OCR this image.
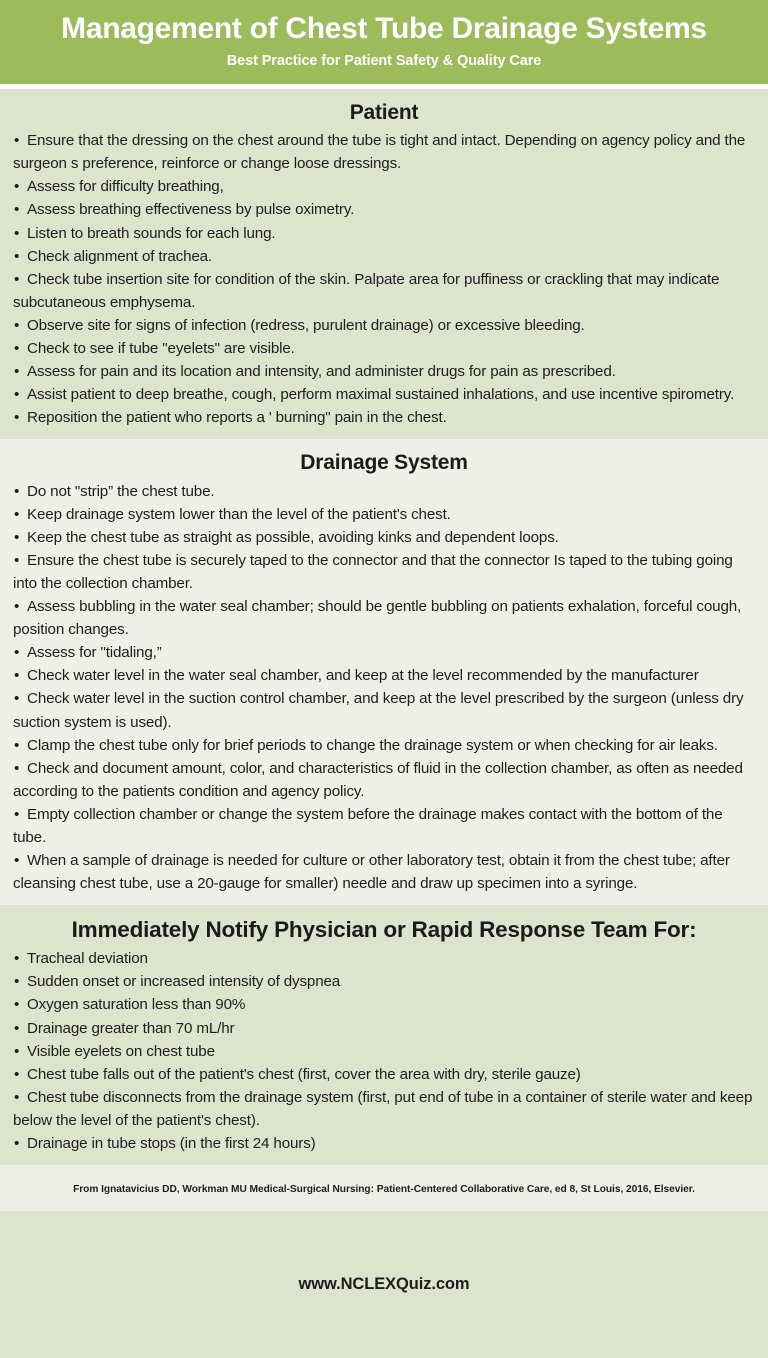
Management of Chest Tube Drainage Systems
Best Practice for Patient Safety & Quality Care
Patient
• Ensure that the dressing on the chest around the tube is tight and intact. Depending on agency policy and the surgeon s preference, reinforce or change loose dressings.
• Assess for difficulty breathing,
• Assess breathing effectiveness by pulse oximetry.
• Listen to breath sounds for each lung.
• Check alignment of trachea.
• Check tube insertion site for condition of the skin. Palpate area for puffiness or crackling that may indicate subcutaneous emphysema.
• Observe site for signs of infection (redress, purulent drainage) or excessive bleeding.
• Check to see if tube "eyelets" are visible.
• Assess for pain and its location and intensity, and administer drugs for pain as prescribed.
• Assist patient to deep breathe, cough, perform maximal sustained inhalations, and use incentive spirometry.
• Reposition the patient who reports a ' burning" pain in the chest.
Drainage System
• Do not "strip” the chest tube.
• Keep drainage system lower than the level of the patient's chest.
• Keep the chest tube as straight as possible, avoiding kinks and dependent loops.
• Ensure the chest tube is securely taped to the connector and that the connector Is taped to the tubing going into the collection chamber.
• Assess bubbling in the water seal chamber; should be gentle bubbling on patients exhalation, forceful cough, position changes.
• Assess for "tidaling,”
• Check water level in the water seal chamber, and keep at the level recommended by the manufacturer
• Check water level in the suction control chamber, and keep at the level prescribed by the surgeon (unless dry suction system is used).
• Clamp the chest tube only for brief periods to change the drainage system or when checking for air leaks.
• Check and document amount, color, and characteristics of fluid in the collection chamber, as often as needed according to the patients condition and agency policy.
• Empty collection chamber or change the system before the drainage makes contact with the bottom of the tube.
• When a sample of drainage is needed for culture or other laboratory test, obtain it from the chest tube; after cleansing chest tube, use a 20-gauge for smaller) needle and draw up specimen into a syringe.
Immediately Notify Physician or Rapid Response Team For:
• Tracheal deviation
• Sudden onset or increased intensity of dyspnea
• Oxygen saturation less than 90%
• Drainage greater than 70 mL/hr
• Visible eyelets on chest tube
• Chest tube falls out of the patient's chest (first, cover the area with dry, sterile gauze)
• Chest tube disconnects from the drainage system (first, put end of tube in a container of sterile water and keep below the level of the patient's chest).
• Drainage in tube stops (in the first 24 hours)
From Ignatavicius DD, Workman MU Medical-Surgical Nursing: Patient-Centered Collaborative Care, ed 8, St Louis, 2016, Elsevier.
www.NCLEXQuiz.com
